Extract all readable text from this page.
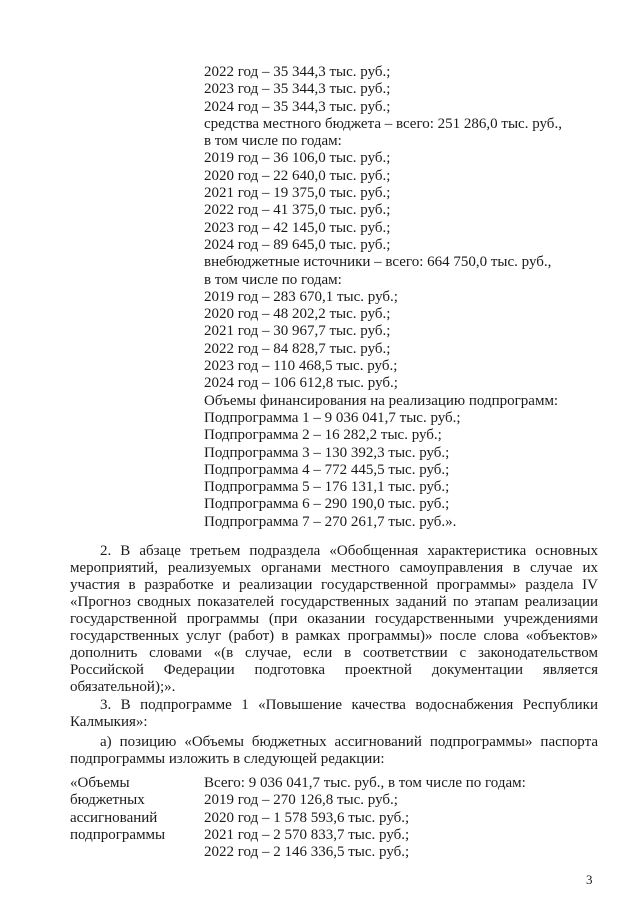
2022 год – 35 344,3 тыс. руб.;
2023 год – 35 344,3 тыс. руб.;
2024 год – 35 344,3 тыс. руб.;
средства местного бюджета – всего: 251 286,0 тыс. руб.,
в том числе по годам:
2019 год – 36 106,0 тыс. руб.;
2020 год – 22 640,0 тыс. руб.;
2021 год – 19 375,0 тыс. руб.;
2022 год – 41 375,0 тыс. руб.;
2023 год – 42 145,0 тыс. руб.;
2024 год – 89 645,0 тыс. руб.;
внебюджетные источники – всего: 664 750,0 тыс. руб.,
в том числе по годам:
2019 год – 283 670,1 тыс. руб.;
2020 год – 48 202,2 тыс. руб.;
2021 год – 30 967,7 тыс. руб.;
2022 год – 84 828,7 тыс. руб.;
2023 год – 110 468,5 тыс. руб.;
2024 год – 106 612,8 тыс. руб.;
Объемы финансирования на реализацию подпрограмм:
Подпрограмма 1 – 9 036 041,7 тыс. руб.;
Подпрограмма 2 – 16 282,2 тыс. руб.;
Подпрограмма 3 – 130 392,3 тыс. руб.;
Подпрограмма 4 – 772 445,5 тыс. руб.;
Подпрограмма 5 – 176 131,1 тыс. руб.;
Подпрограмма 6 – 290 190,0 тыс. руб.;
Подпрограмма 7 – 270 261,7 тыс. руб.».
2. В абзаце третьем подраздела «Обобщенная характеристика основных
мероприятий, реализуемых органами местного самоуправления в случае их
участия в разработке и реализации государственной программы» раздела IV
«Прогноз сводных показателей государственных заданий по этапам реализации
государственной программы (при оказании государственными учреждениями
государственных услуг (работ) в рамках программы)» после слова «объектов»
дополнить словами «(в случае, если в соответствии с законодательством
Российской Федерации подготовка проектной документации является
обязательной);».
3. В подпрограмме 1 «Повышение качества водоснабжения Республики
Калмыкия»:
а) позицию «Объемы бюджетных ассигнований подпрограммы» паспорта
подпрограммы изложить в следующей редакции:
«Объемы
бюджетных
ассигнований
подпрограммы
Всего: 9 036 041,7 тыс. руб., в том числе по годам:
2019 год – 270 126,8 тыс. руб.;
2020 год – 1 578 593,6 тыс. руб.;
2021 год – 2 570 833,7 тыс. руб.;
2022 год – 2 146 336,5 тыс. руб.;
3
